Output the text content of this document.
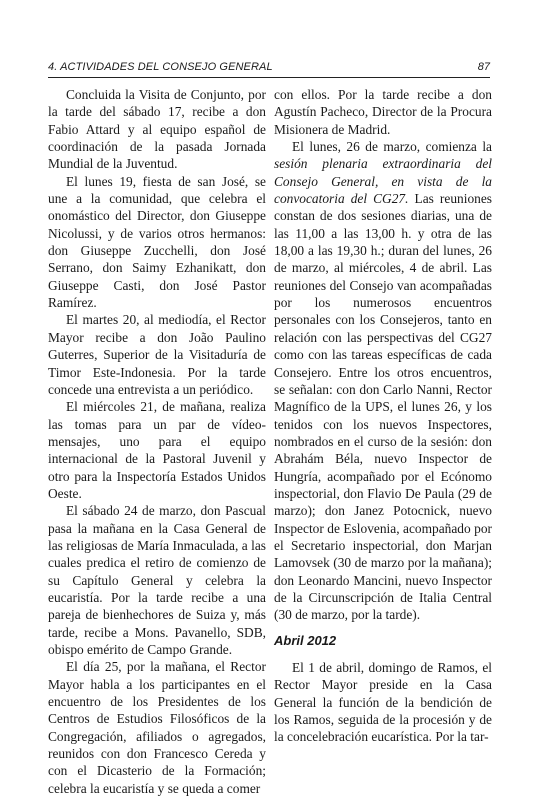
4. ACTIVIDADES DEL CONSEJO GENERAL	87

Concluida la Visita de Conjunto, por la tarde del sábado 17, recibe a don Fabio Attard y al equipo español de coordinación de la pasada Jornada Mundial de la Juventud.

El lunes 19, fiesta de san José, se une a la comunidad, que celebra el onomástico del Director, don Giuseppe Nicolussi, y de varios otros hermanos: don Giuseppe Zucchelli, don José Serrano, don Saimy Ezhanikatt, don Giuseppe Casti, don José Pastor Ramírez.

El martes 20, al mediodía, el Rector Mayor recibe a don João Paulino Guterres, Superior de la Visitaduría de Timor Este-Indonesia. Por la tarde concede una entrevista a un periódico.

El miércoles 21, de mañana, realiza las tomas para un par de vídeo-mensajes, uno para el equipo internacional de la Pastoral Juvenil y otro para la Inspectoría Estados Unidos Oeste.

El sábado 24 de marzo, don Pascual pasa la mañana en la Casa General de las religiosas de María Inmaculada, a las cuales predica el retiro de comienzo de su Capítulo General y celebra la eucaristía. Por la tarde recibe a una pareja de bienhechores de Suiza y, más tarde, recibe a Mons. Pavanello, SDB, obispo emérito de Campo Grande.

El día 25, por la mañana, el Rector Mayor habla a los participantes en el encuentro de los Presidentes de los Centros de Estudios Filosóficos de la Congregación, afiliados o agregados, reunidos con don Francesco Cereda y con el Dicasterio de la Formación; celebra la eucaristía y se queda a comer

con ellos. Por la tarde recibe a don Agustín Pacheco, Director de la Procura Misionera de Madrid.

El lunes, 26 de marzo, comienza la sesión plenaria extraordinaria del Consejo General, en vista de la convocatoria del CG27. Las reuniones constan de dos sesiones diarias, una de las 11,00 a las 13,00 h. y otra de las 18,00 a las 19,30 h.; duran del lunes, 26 de marzo, al miércoles, 4 de abril. Las reuniones del Consejo van acompañadas por los numerosos encuentros personales con los Consejeros, tanto en relación con las perspectivas del CG27 como con las tareas específicas de cada Consejero. Entre los otros encuentros, se señalan: con don Carlo Nanni, Rector Magnífico de la UPS, el lunes 26, y los tenidos con los nuevos Inspectores, nombrados en el curso de la sesión: don Abrahám Béla, nuevo Inspector de Hungría, acompañado por el Ecónomo inspectorial, don Flavio De Paula (29 de marzo); don Janez Potocnick, nuevo Inspector de Eslovenia, acompañado por el Secretario inspectorial, don Marjan Lamovsek (30 de marzo por la mañana); don Leonardo Mancini, nuevo Inspector de la Circunscripción de Italia Central (30 de marzo, por la tarde).

Abril 2012

El 1 de abril, domingo de Ramos, el Rector Mayor preside en la Casa General la función de la bendición de los Ramos, seguida de la procesión y de la concelebración eucarística. Por la tar-
